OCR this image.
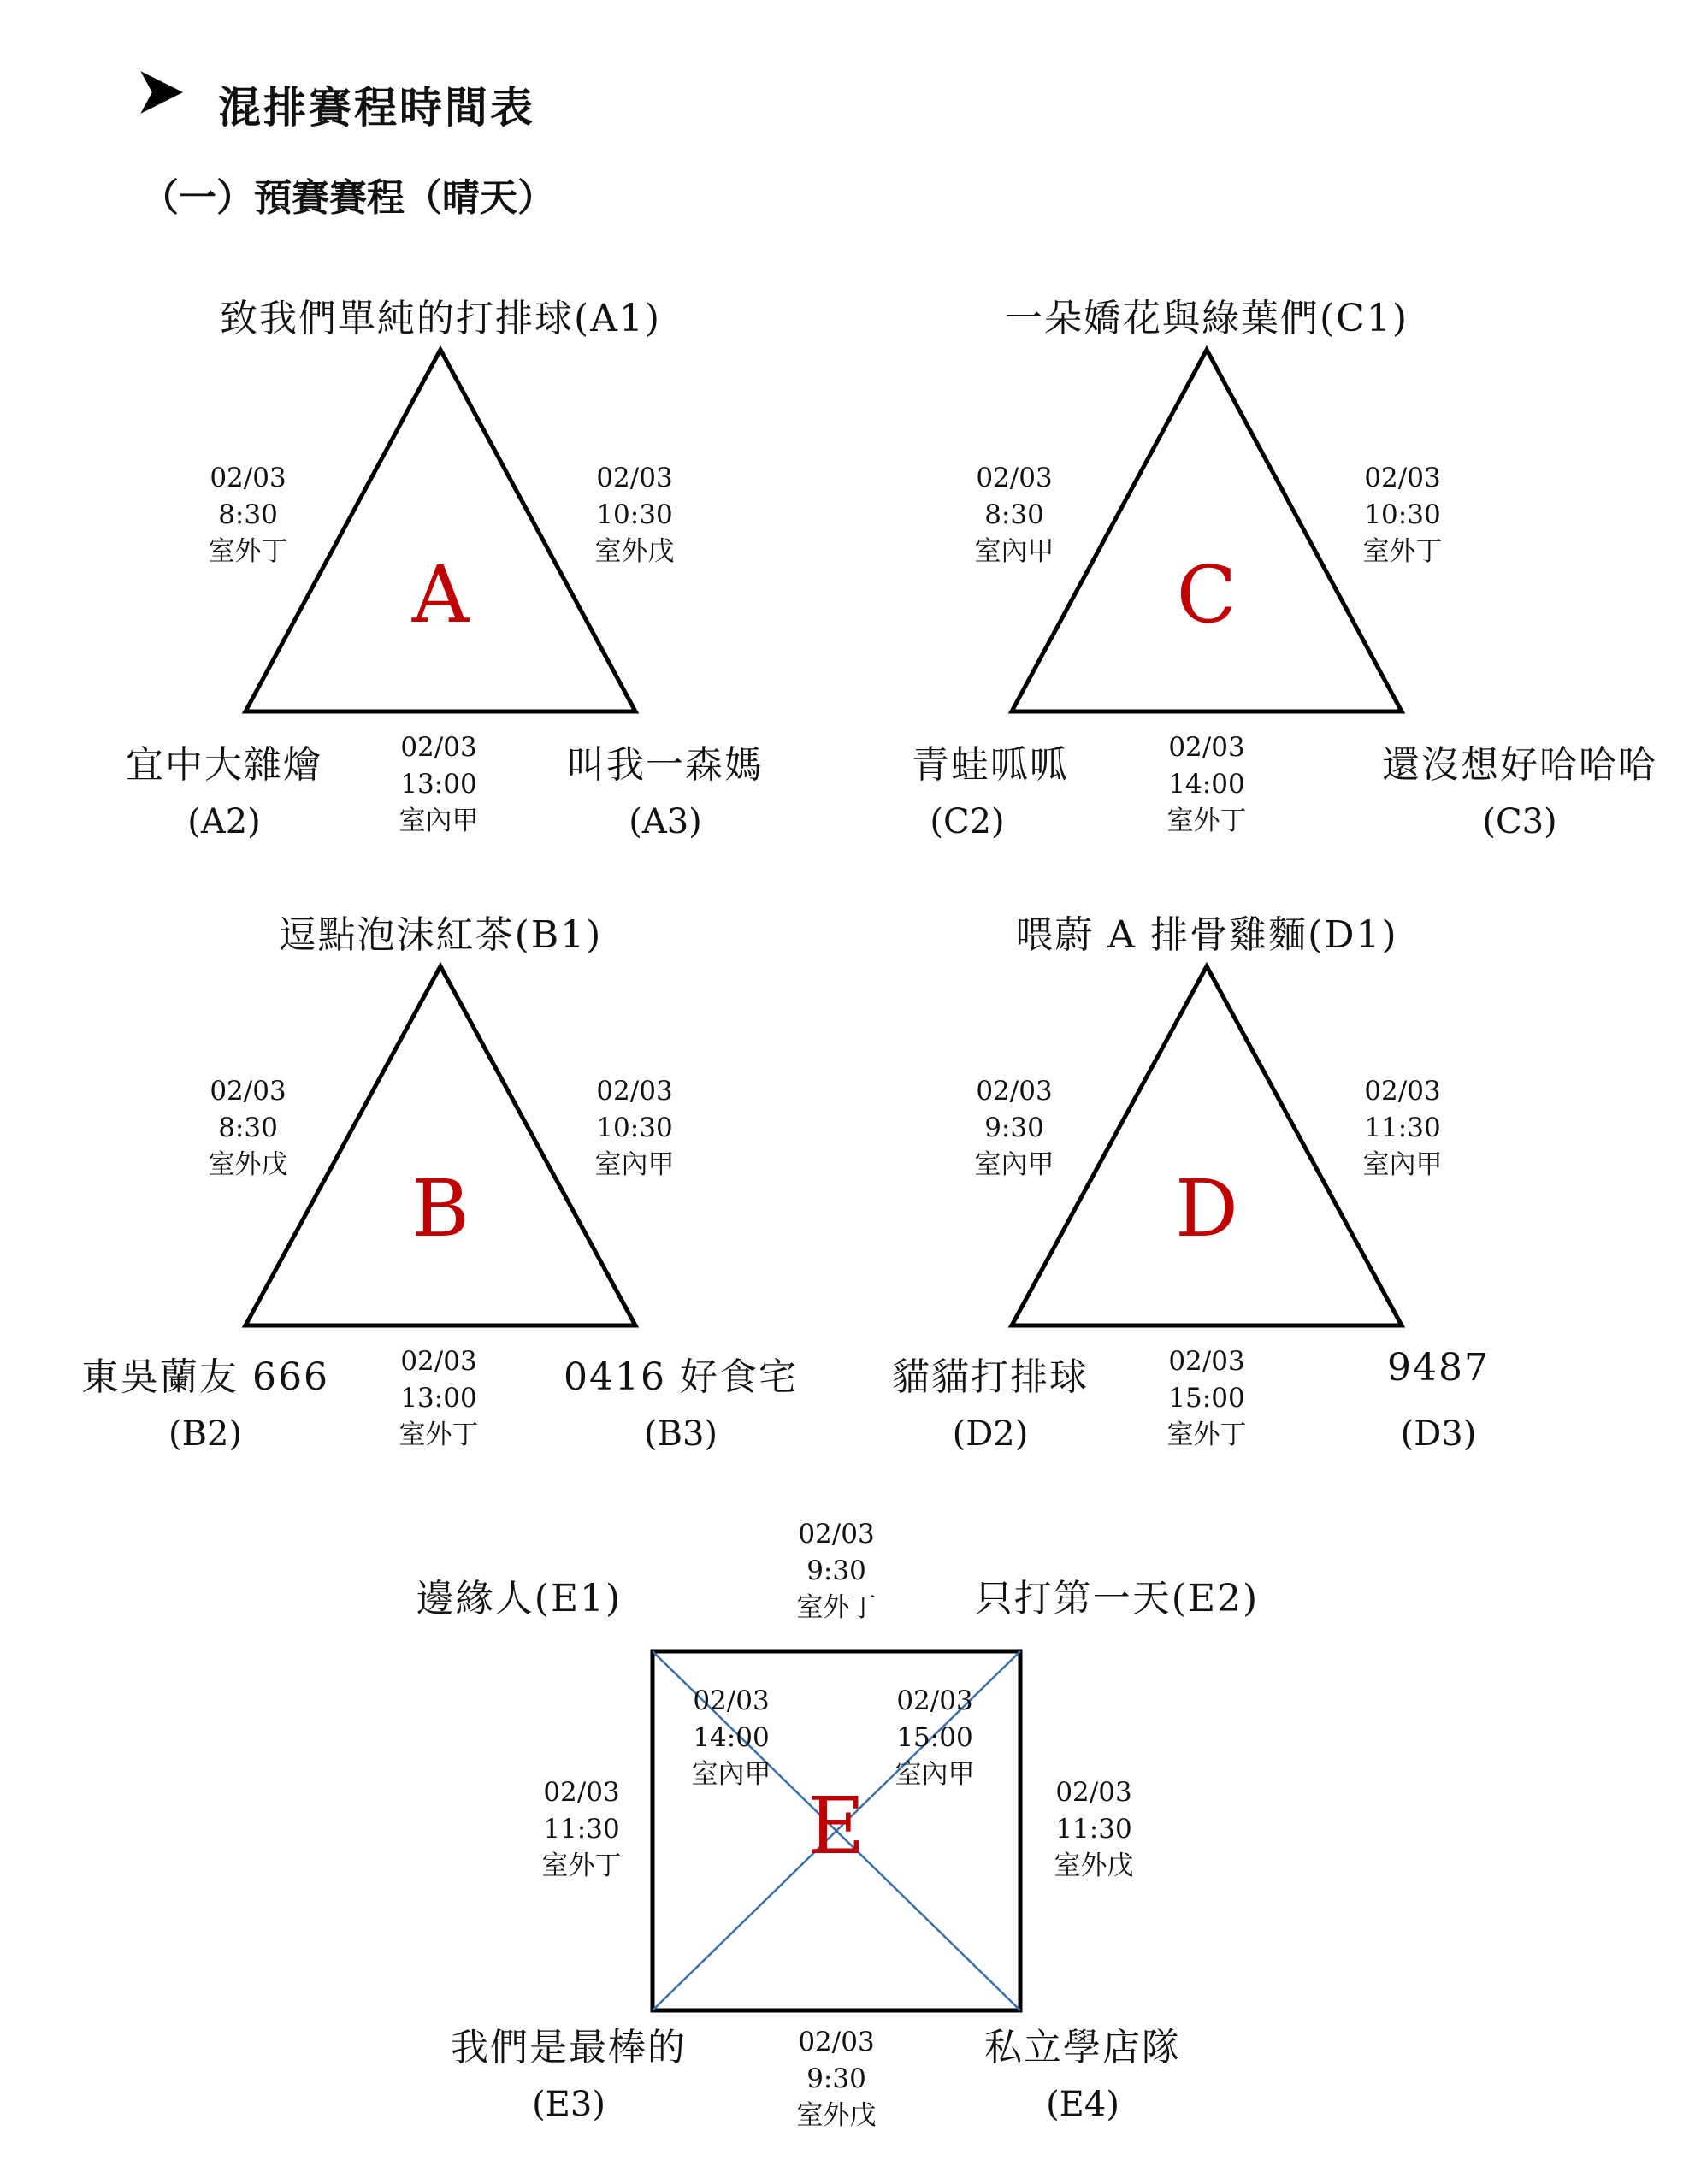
混排賽程時間表
（一）預賽賽程（晴天）
致我們單純的打排球(A1)
02/03
8:30
室外丁
02/03
10:30
室外戊
A
宜中大雜燴
(A2)
叫我一森媽
(A3)
02/03
13:00
室內甲
一朵嬌花與綠葉們(C1)
02/03
8:30
室內甲
02/03
10:30
室外丁
C
青蛙呱呱
(C2)
還沒想好哈哈哈
(C3)
02/03
14:00
室外丁
逗點泡沫紅茶(B1)
02/03
8:30
室外戊
02/03
10:30
室內甲
B
東吳蘭友 666
(B2)
0416 好食宅
(B3)
02/03
13:00
室外丁
喂蔚 A 排骨雞麵(D1)
02/03
9:30
室內甲
02/03
11:30
室內甲
D
貓貓打排球
(D2)
9487
(D3)
02/03
15:00
室外丁
02/03
9:30
室外丁
邊緣人(E1)	只打第一天(E2)
02/03
14:00
室內甲
02/03
15:00
室內甲
02/03
11:30
室外丁
02/03
11:30
室外戊
E
我們是最棒的
(E3)
私立學店隊
(E4)
02/03
9:30
室外戊
